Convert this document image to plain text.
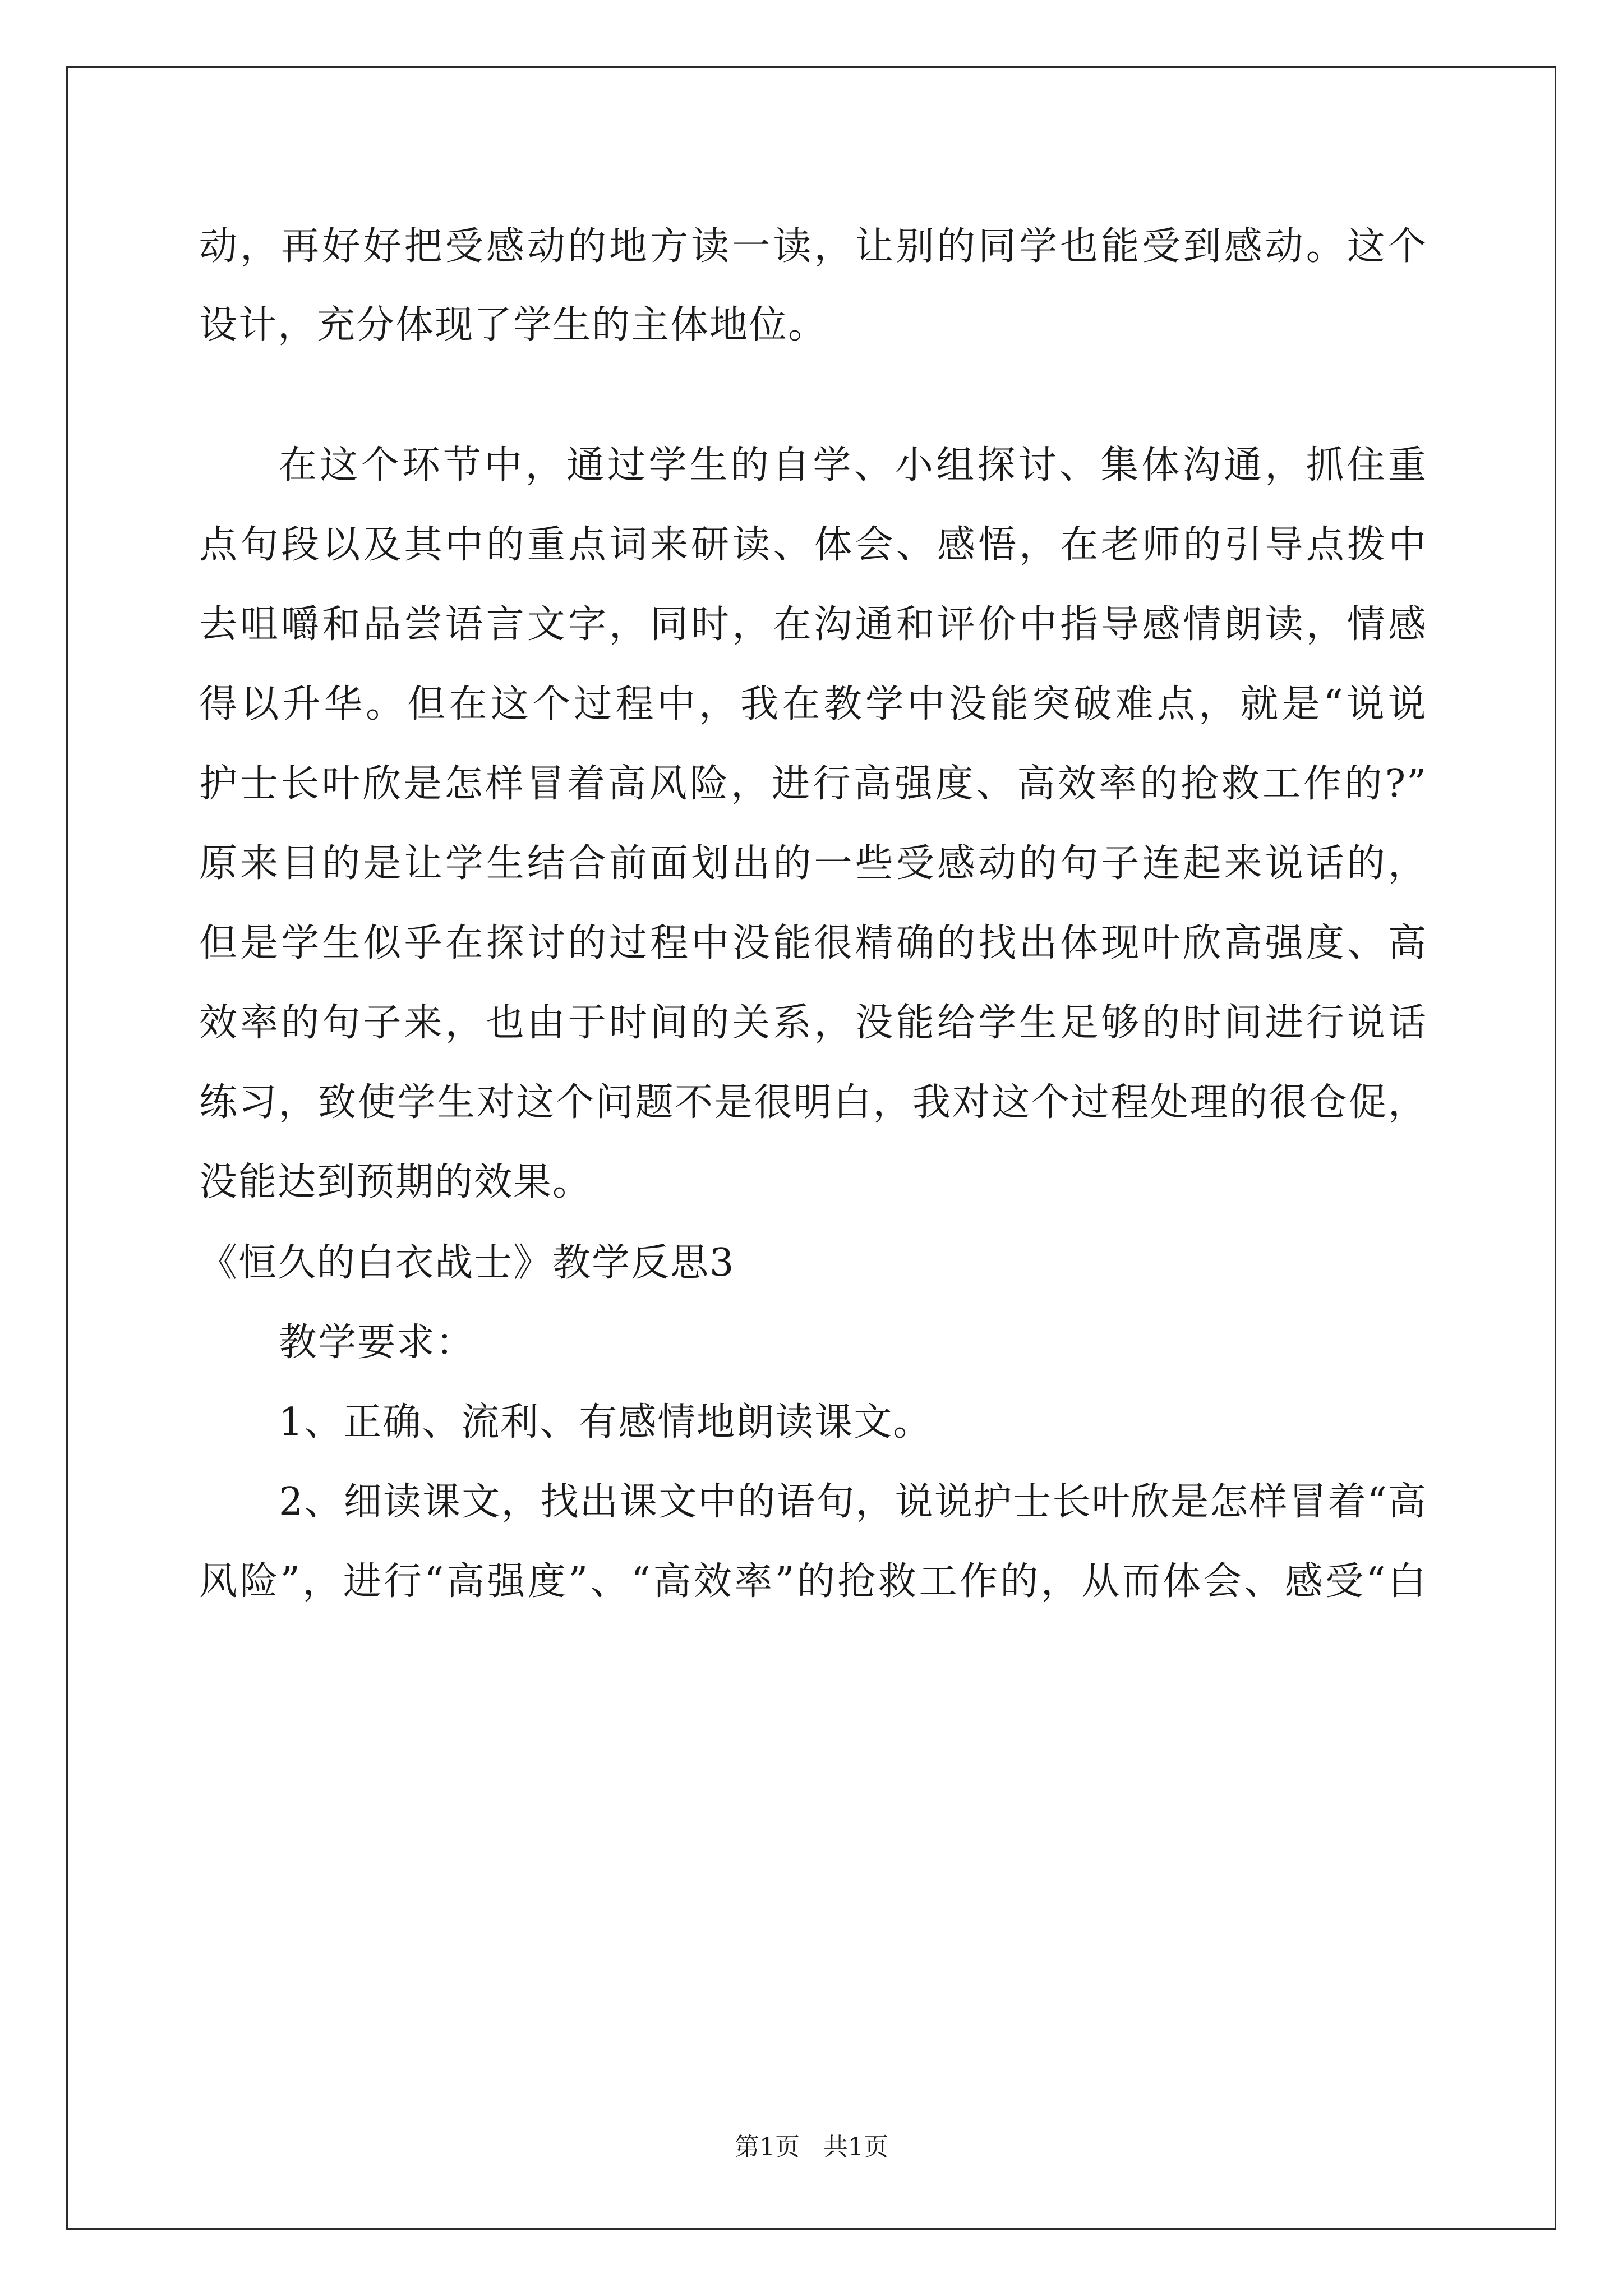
动，再好好把受感动的地方读一读，让别的同学也能受到感动。这个
设计，充分体现了学生的主体地位。
在这个环节中，通过学生的自学、小组探讨、集体沟通，抓住重
点句段以及其中的重点词来研读、体会、感悟，在老师的引导点拨中
去咀嚼和品尝语言文字，同时，在沟通和评价中指导感情朗读，情感
得以升华。但在这个过程中，我在教学中没能突破难点，就是“说说
护士长叶欣是怎样冒着高风险，进行高强度、高效率的抢救工作的?”
原来目的是让学生结合前面划出的一些受感动的句子连起来说话的，
但是学生似乎在探讨的过程中没能很精确的找出体现叶欣高强度、高
效率的句子来，也由于时间的关系，没能给学生足够的时间进行说话
练习，致使学生对这个问题不是很明白，我对这个过程处理的很仓促，
没能达到预期的效果。
《恒久的白衣战士》教学反思3
教学要求：
1、正确、流利、有感情地朗读课文。
2、细读课文，找出课文中的语句，说说护士长叶欣是怎样冒着“高
风险”，进行“高强度”、“高效率”的抢救工作的，从而体会、感受“白
第1页 共1页
